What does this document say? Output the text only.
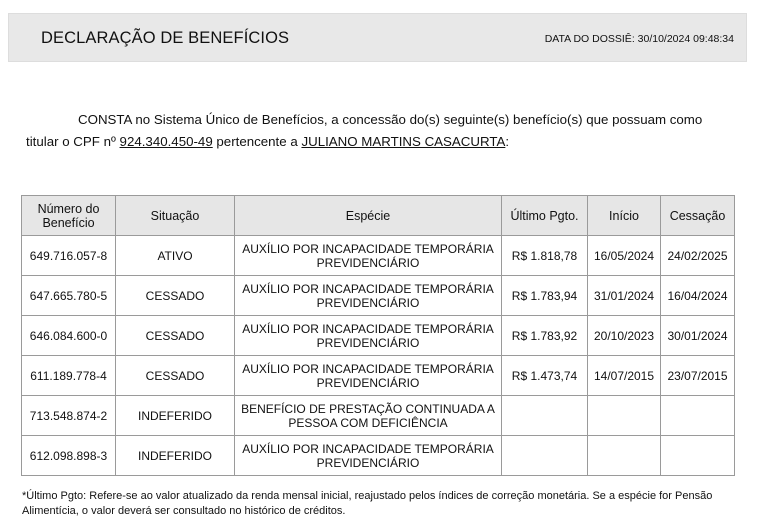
DECLARAÇÃO DE BENEFÍCIOS	DATA DO DOSSIÊ: 30/10/2024 09:48:34
CONSTA no Sistema Único de Benefícios, a concessão do(s) seguinte(s) benefício(s) que possuam como titular o CPF nº 924.340.450-49 pertencente a JULIANO MARTINS CASACURTA:
Número do Benefício	Situação	Espécie	Último Pgto.	Início	Cessação
649.716.057-8	ATIVO	AUXÍLIO POR INCAPACIDADE TEMPORÁRIA PREVIDENCIÁRIO	R$ 1.818,78	16/05/2024	24/02/2025
647.665.780-5	CESSADO	AUXÍLIO POR INCAPACIDADE TEMPORÁRIA PREVIDENCIÁRIO	R$ 1.783,94	31/01/2024	16/04/2024
646.084.600-0	CESSADO	AUXÍLIO POR INCAPACIDADE TEMPORÁRIA PREVIDENCIÁRIO	R$ 1.783,92	20/10/2023	30/01/2024
611.189.778-4	CESSADO	AUXÍLIO POR INCAPACIDADE TEMPORÁRIA PREVIDENCIÁRIO	R$ 1.473,74	14/07/2015	23/07/2015
713.548.874-2	INDEFERIDO	BENEFÍCIO DE PRESTAÇÃO CONTINUADA A PESSOA COM DEFICIÊNCIA			
612.098.898-3	INDEFERIDO	AUXÍLIO POR INCAPACIDADE TEMPORÁRIA PREVIDENCIÁRIO			
*Último Pgto: Refere-se ao valor atualizado da renda mensal inicial, reajustado pelos índices de correção monetária. Se a espécie for Pensão Alimentícia, o valor deverá ser consultado no histórico de créditos.
